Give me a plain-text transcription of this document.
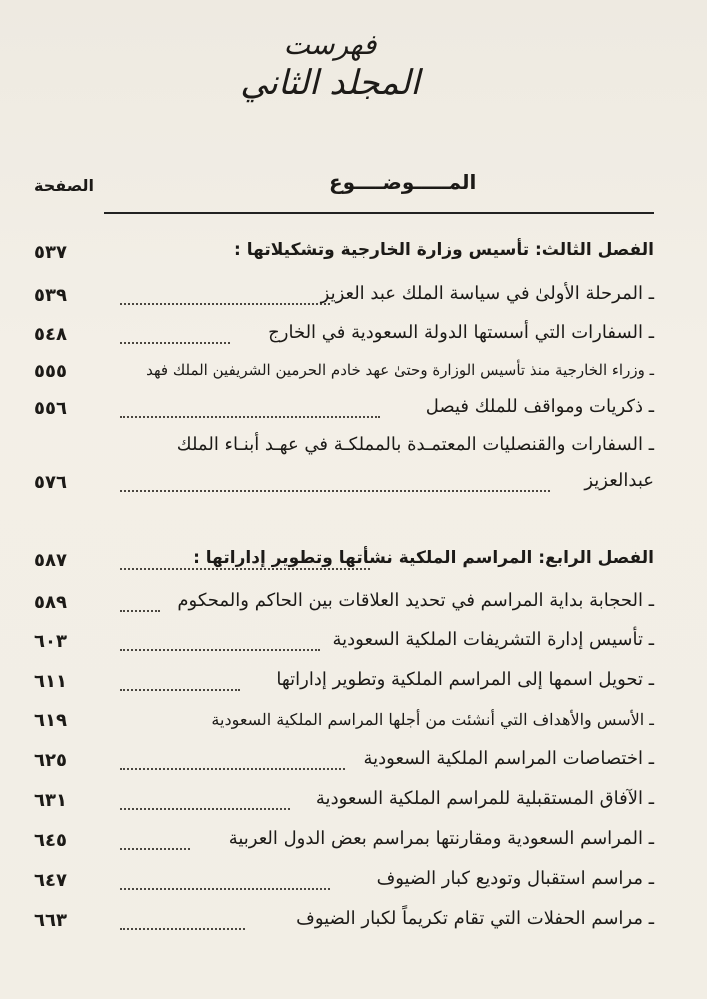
فهرست
المجلد الثاني
الصفحة	المـــــوضــــوع
٥٣٧	الفصل الثالث: تأسيس وزارة الخارجية وتشكيلاتها :
٥٣٩	ـ المرحلة الأولىٰ في سياسة الملك عبد العزيز
٥٤٨	ـ السفارات التي أسستها الدولة السعودية في الخارج
٥٥٥	ـ وزراء الخارجية منذ تأسيس الوزارة وحتىٰ عهد خادم الحرمين الشريفين الملك فهد
٥٥٦	ـ ذكريات ومواقف للملك فيصل
ـ السفارات والقنصليات المعتمـدة بالمملكـة في عهـد أبنـاء الملك
٥٧٦	عبدالعزيز
٥٨٧	الفصل الرابع: المراسم الملكية نشأتها وتطوير إداراتها :
٥٨٩	ـ الحجابة بداية المراسم في تحديد العلاقات بين الحاكم والمحكوم
٦٠٣	ـ تأسيس إدارة التشريفات الملكية السعودية
٦١١	ـ تحويل اسمها إلى المراسم الملكية وتطوير إداراتها
٦١٩	ـ الأسس والأهداف التي أنشئت من أجلها المراسم الملكية السعودية
٦٢٥	ـ اختصاصات المراسم الملكية السعودية
٦٣١	ـ الآفاق المستقبلية للمراسم الملكية السعودية
٦٤٥	ـ المراسم السعودية ومقارنتها بمراسم بعض الدول العربية
٦٤٧	ـ مراسم استقبال وتوديع كبار الضيوف
٦٦٣	ـ مراسم الحفلات التي تقام تكريماً لكبار الضيوف
